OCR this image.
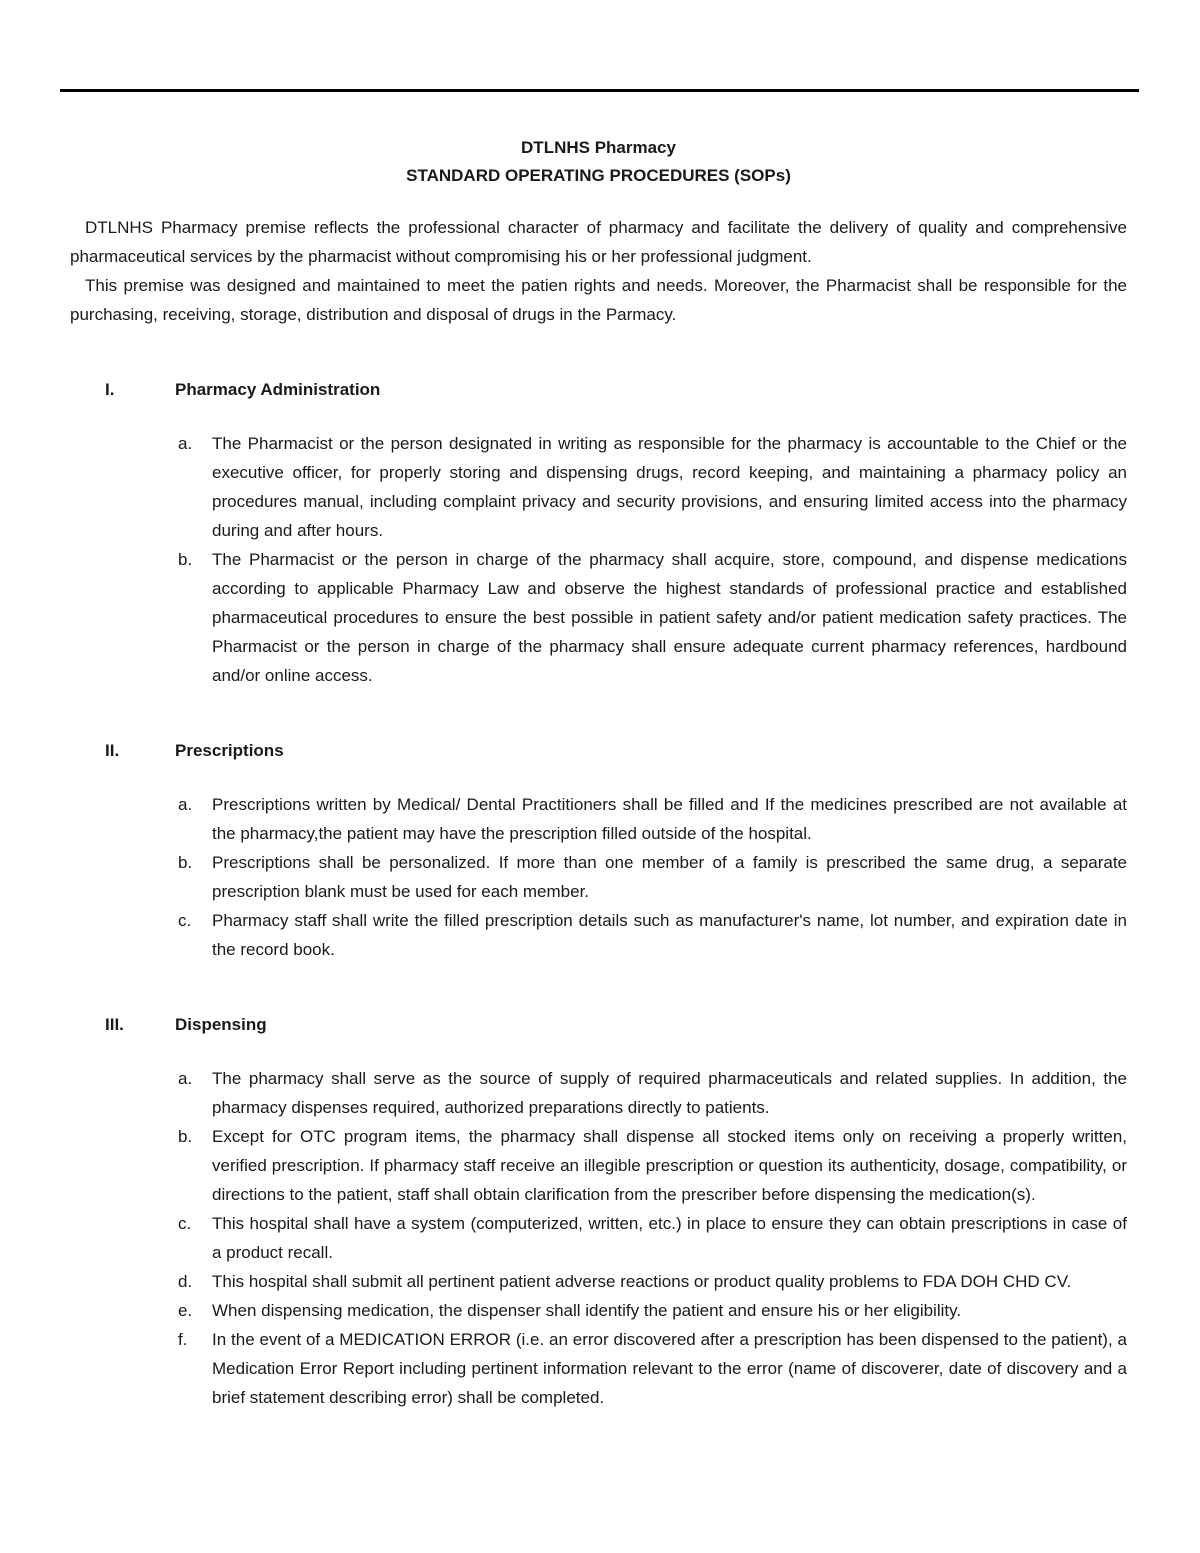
DTLNHS Pharmacy
STANDARD OPERATING PROCEDURES (SOPs)

DTLNHS Pharmacy premise reflects the professional character of pharmacy and facilitate the delivery of quality and comprehensive pharmaceutical services by the pharmacist without compromising his or her professional judgment.

This premise was designed and maintained to meet the patien rights and needs. Moreover, the Pharmacist shall be responsible for the purchasing, receiving, storage, distribution and disposal of drugs in the Parmacy.

I.	Pharmacy Administration
a.	The Pharmacist or the person designated in writing as responsible for the pharmacy is accountable to the Chief or the executive officer, for properly storing and dispensing drugs, record keeping, and maintaining a pharmacy policy an procedures manual, including complaint privacy and security provisions, and ensuring limited access into the pharmacy during and after hours.
b.	The Pharmacist or the person in charge of the pharmacy shall acquire, store, compound, and dispense medications according to applicable Pharmacy Law and observe the highest standards of professional practice and established pharmaceutical procedures to ensure the best possible in patient safety and/or patient medication safety practices. The Pharmacist or the person in charge of the pharmacy shall ensure adequate current pharmacy references, hardbound and/or online access.
II.	Prescriptions
a.	Prescriptions written by Medical/ Dental Practitioners shall be filled and If the medicines prescribed are not available at the pharmacy,the patient may have the prescription filled outside of the hospital.
b.	Prescriptions shall be personalized. If more than one member of a family is prescribed the same drug, a separate prescription blank must be used for each member.
c.	Pharmacy staff shall write the filled prescription details such as manufacturer's name, lot number, and expiration date in the record book.
III.	Dispensing
a.	The pharmacy shall serve as the source of supply of required pharmaceuticals and related supplies. In addition, the pharmacy dispenses required, authorized preparations directly to patients.
b.	Except for OTC program items, the pharmacy shall dispense all stocked items only on receiving a properly written, verified prescription. If pharmacy staff receive an illegible prescription or question its authenticity, dosage, compatibility, or directions to the patient, staff shall obtain clarification from the prescriber before dispensing the medication(s).
c.	This hospital shall have a system (computerized, written, etc.) in place to ensure they can obtain prescriptions in case of a product recall.
d.	This hospital shall submit all pertinent patient adverse reactions or product quality problems to FDA DOH CHD CV.
e.	When dispensing medication, the dispenser shall identify the patient and ensure his or her eligibility.
f.	In the event of a MEDICATION ERROR (i.e. an error discovered after a prescription has been dispensed to the patient), a Medication Error Report including pertinent information relevant to the error (name of discoverer, date of discovery and a brief statement describing error) shall be completed.
